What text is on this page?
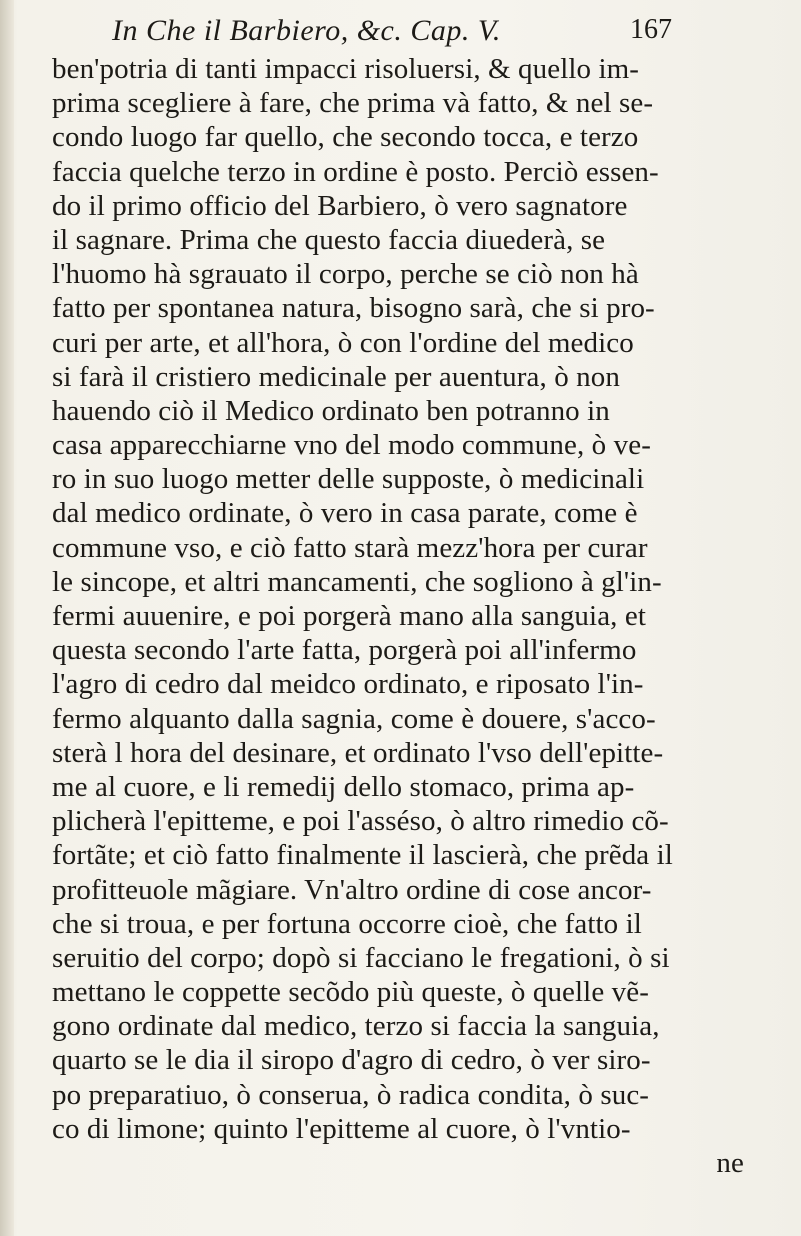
In Che il Barbiero, &c. Cap. V.	167
ben'potria di tanti impacci risoluersi, & quello im-
prima scegliere à fare, che prima và fatto, & nel se-
condo luogo far quello, che secondo tocca, e terzo
faccia quelche terzo in ordine è posto. Perciò essen-
do il primo officio del Barbiero, ò vero sagnatore
il sagnare. Prima che questo faccia diuederà, se
l'huomo hà sgrauato il corpo, perche se ciò non hà
fatto per spontanea natura, bisogno sarà, che si pro-
curi per arte, et all'hora, ò con l'ordine del medico
si farà il cristiero medicinale per auentura, ò non
hauendo ciò il Medico ordinato ben potranno in
casa apparecchiarne vno del modo commune, ò ve-
ro in suo luogo metter delle supposte, ò medicinali
dal medico ordinate, ò vero in casa parate, come è
commune vso, e ciò fatto starà mezz'hora per curar
le sincope, et altri mancamenti, che sogliono à gl'in-
fermi auuenire, e poi porgerà mano alla sanguia, et
questa secondo l'arte fatta, porgerà poi all'infermo
l'agro di cedro dal meidco ordinato, e riposato l'in-
fermo alquanto dalla sagnia, come è douere, s'acco-
sterà l hora del desinare, et ordinato l'vso dell'epitte-
me al cuore, e li remedij dello stomaco, prima ap-
plicherà l'epitteme, e poi l'asséso, ò altro rimedio cõ-
fortãte; et ciò fatto finalmente il lascierà, che prẽda il
profitteuole mãgiare. Vn'altro ordine di cose ancor-
che si troua, e per fortuna occorre cioè, che fatto il
seruitio del corpo; dopò si facciano le fregationi, ò si
mettano le coppette secõdo più queste, ò quelle vẽ-
gono ordinate dal medico, terzo si faccia la sanguia,
quarto se le dia il siropo d'agro di cedro, ò ver siro-
po preparatiuo, ò conserua, ò radica condita, ò suc-
co di limone; quinto l'epitteme al cuore, ò l'vntio-
ne
